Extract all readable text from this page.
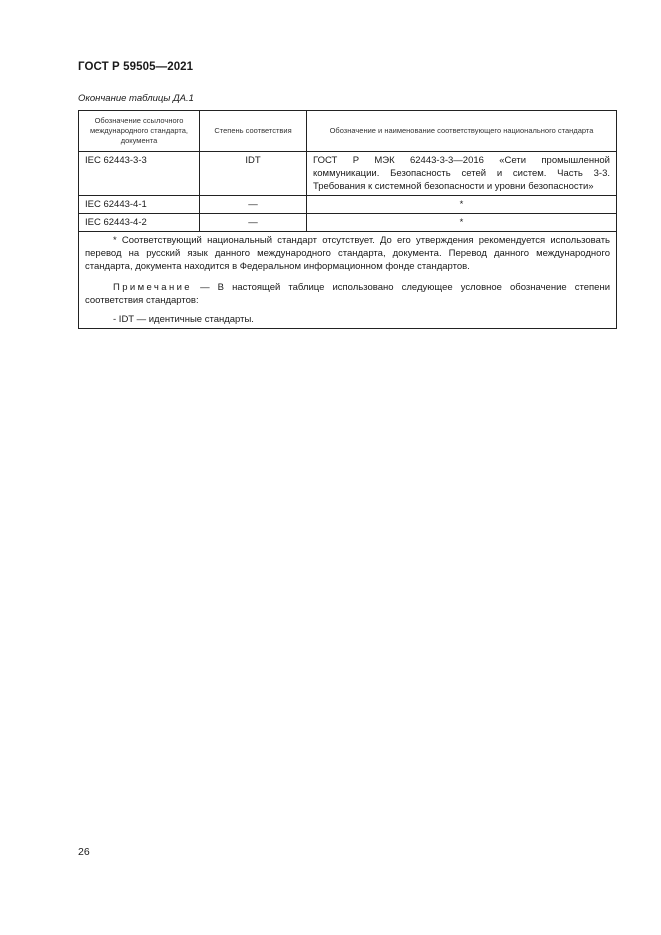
ГОСТ Р 59505—2021
Окончание таблицы ДА.1
Обозначение ссылочного международного стандарта, документа	Степень соответствия	Обозначение и наименование соответствующего национального стандарта
IEC 62443-3-3	IDT	ГОСТ Р МЭК 62443-3-3—2016 «Сети промышленной коммуникации. Безопасность сетей и систем. Часть 3-3. Требования к системной безопасности и уровни безопасности»
IEC 62443-4-1	—	*
IEC 62443-4-2	—	*

* Соответствующий национальный стандарт отсутствует. До его утверждения рекомендуется использовать перевод на русский язык данного международного стандарта, документа. Перевод данного международного стандарта, документа находится в Федеральном информационном фонде стандартов.

Примечание — В настоящей таблице использовано следующее условное обозначение степени соответствия стандартов:

- IDT — идентичные стандарты.		

26
